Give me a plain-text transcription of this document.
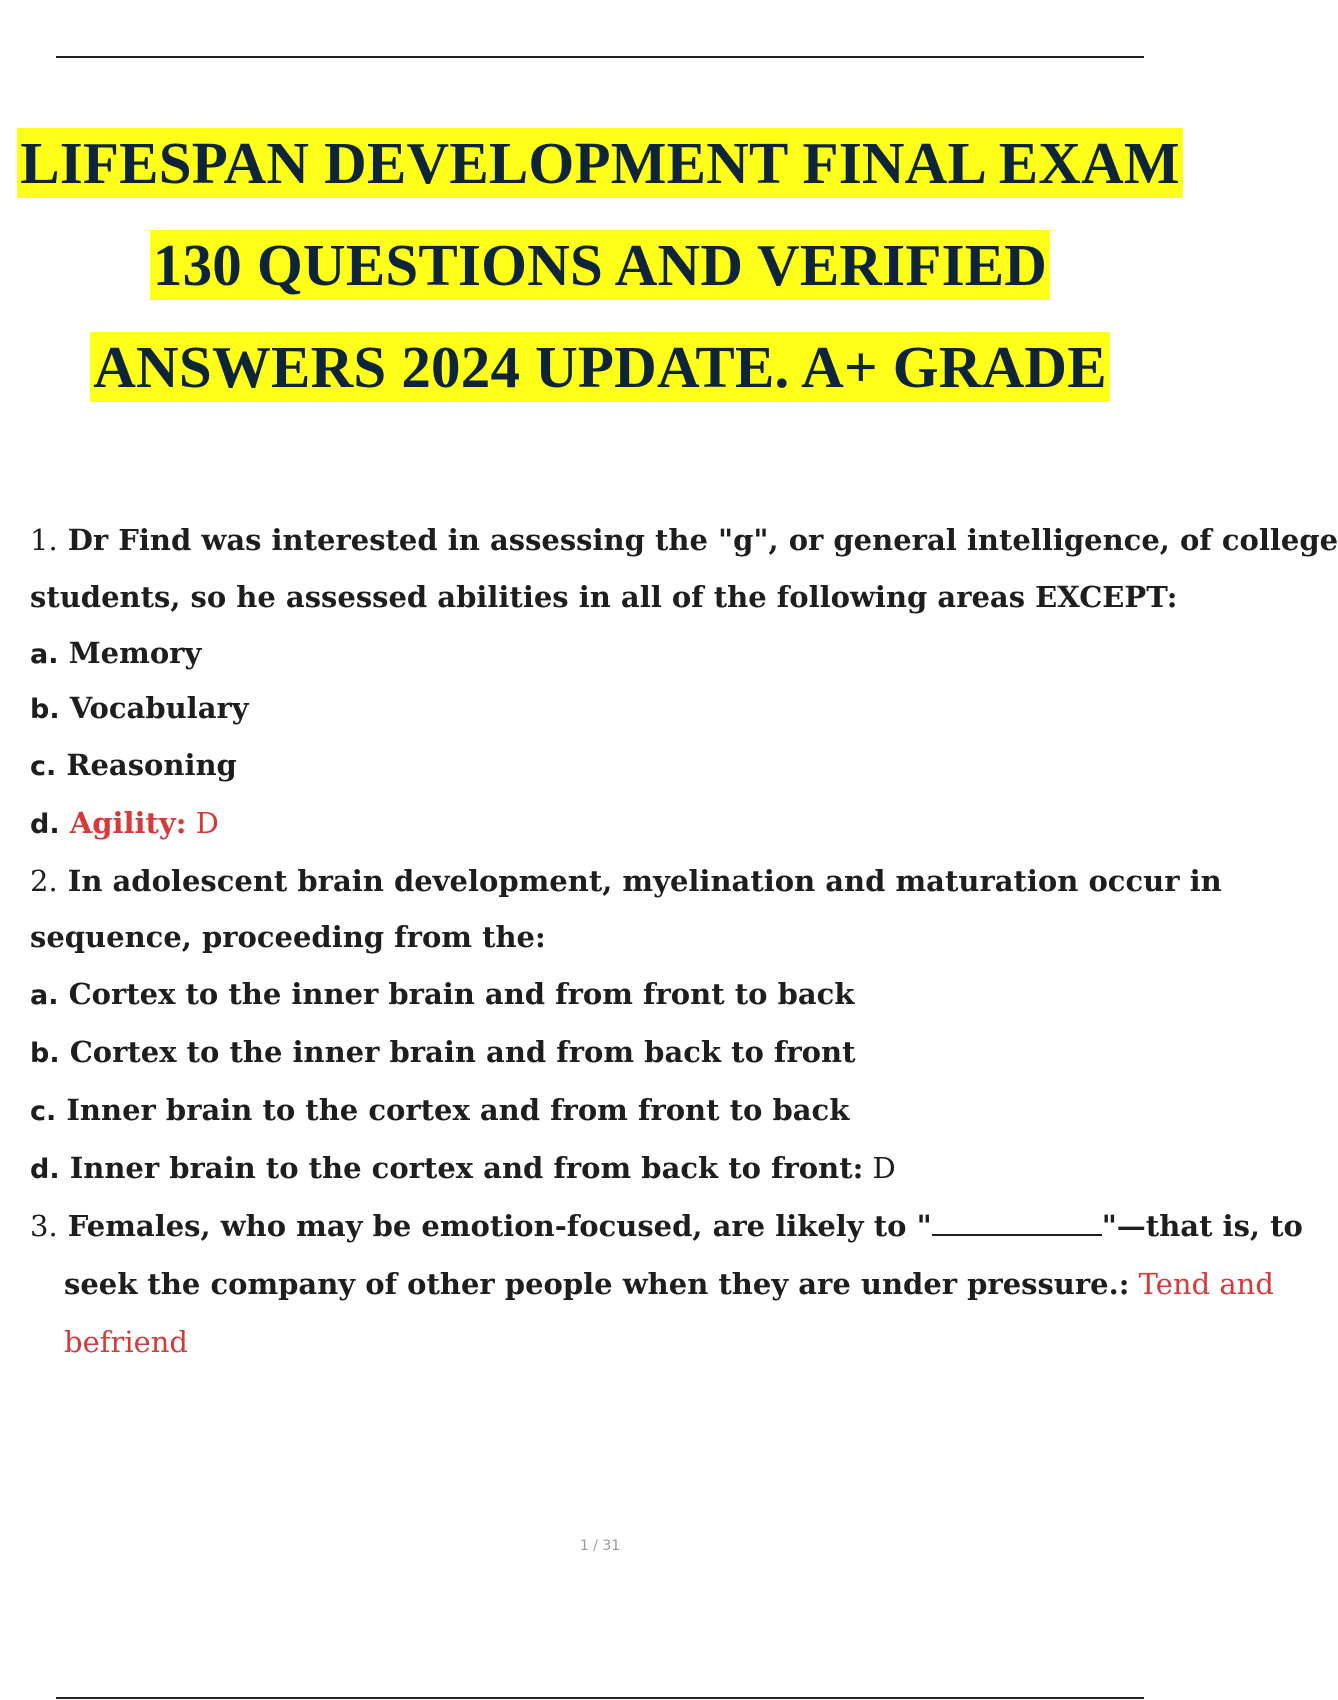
LIFESPAN DEVELOPMENT FINAL EXAM
130 QUESTIONS AND VERIFIED
ANSWERS 2024 UPDATE. A+ GRADE
1. Dr Find was interested in assessing the "g", or general intelligence, of college
students, so he assessed abilities in all of the following areas EXCEPT:
a. Memory
b. Vocabulary
c. Reasoning
d. Agility: D
2. In adolescent brain development, myelination and maturation occur in
sequence, proceeding from the:
a. Cortex to the inner brain and from front to back
b. Cortex to the inner brain and from back to front
c. Inner brain to the cortex and from front to back
d. Inner brain to the cortex and from back to front: D
3. Females, who may be emotion-focused, are likely to "	"—that is, to
seek the company of other people when they are under pressure.: Tend and
befriend
1 / 31
